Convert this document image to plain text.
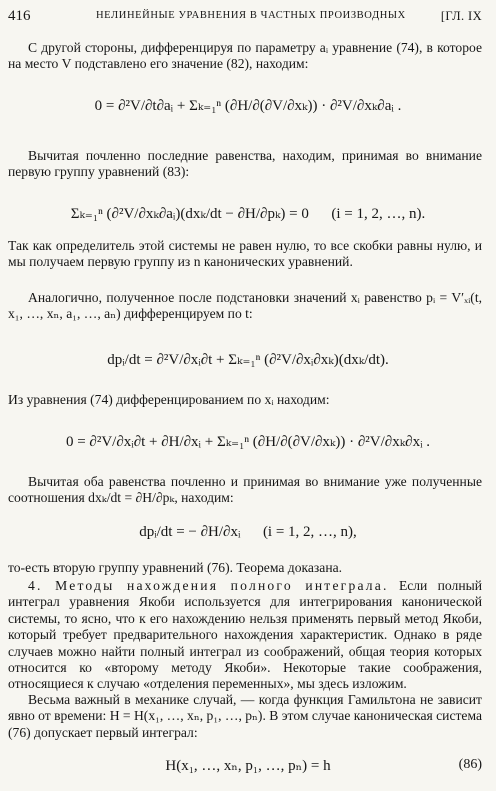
416	НЕЛИНЕЙНЫЕ УРАВНЕНИЯ В ЧАСТНЫХ ПРОИЗВОДНЫХ	[ГЛ. IX

С другой стороны, дифференцируя по параметру aᵢ уравнение (74), в которое на место V подставлено его значение (82), находим:

0 = ∂²V/∂t∂aᵢ + Σₖ₌₁ⁿ (∂H/∂(∂V/∂xₖ)) · ∂²V/∂xₖ∂aᵢ .

Вычитая почленно последние равенства, находим, принимая во внимание первую группу уравнений (83):

Σₖ₌₁ⁿ (∂²V/∂xₖ∂aᵢ)(dxₖ/dt − ∂H/∂pₖ) = 0 (i = 1, 2, …, n).

Так как определитель этой системы не равен нулю, то все скобки равны нулю, и мы получаем первую группу из n канонических уравнений.

Аналогично, полученное после подстановки значений xᵢ равенство pᵢ = V′ₓᵢ(t, x₁, …, xₙ, a₁, …, aₙ) дифференцируем по t:

dpᵢ/dt = ∂²V/∂xᵢ∂t + Σₖ₌₁ⁿ (∂²V/∂xᵢ∂xₖ)(dxₖ/dt).

Из уравнения (74) дифференцированием по xᵢ находим:

0 = ∂²V/∂xᵢ∂t + ∂H/∂xᵢ + Σₖ₌₁ⁿ (∂H/∂(∂V/∂xₖ)) · ∂²V/∂xₖ∂xᵢ .

Вычитая оба равенства почленно и принимая во внимание уже полученные соотношения dxₖ/dt = ∂H/∂pₖ, находим:

dpᵢ/dt = − ∂H/∂xᵢ (i = 1, 2, …, n),

то-есть вторую группу уравнений (76). Теорема доказана.

4. Методы нахождения полного интеграла. Если полный интеграл уравнения Якоби используется для интегрирования канонической системы, то ясно, что к его нахождению нельзя применять первый метод Якоби, который требует предварительного нахождения характеристик. Однако в ряде случаев можно найти полный интеграл из соображений, общая теория которых относится ко «второму методу Якоби». Некоторые такие соображения, относящиеся к случаю «отделения переменных», мы здесь изложим.

Весьма важный в механике случай, — когда функция Гамильтона не зависит явно от времени: H = H(x₁, …, xₙ, p₁, …, pₙ). В этом случае каноническая система (76) допускает первый интеграл:

H(x₁, …, xₙ, p₁, …, pₙ) = h	(86)
